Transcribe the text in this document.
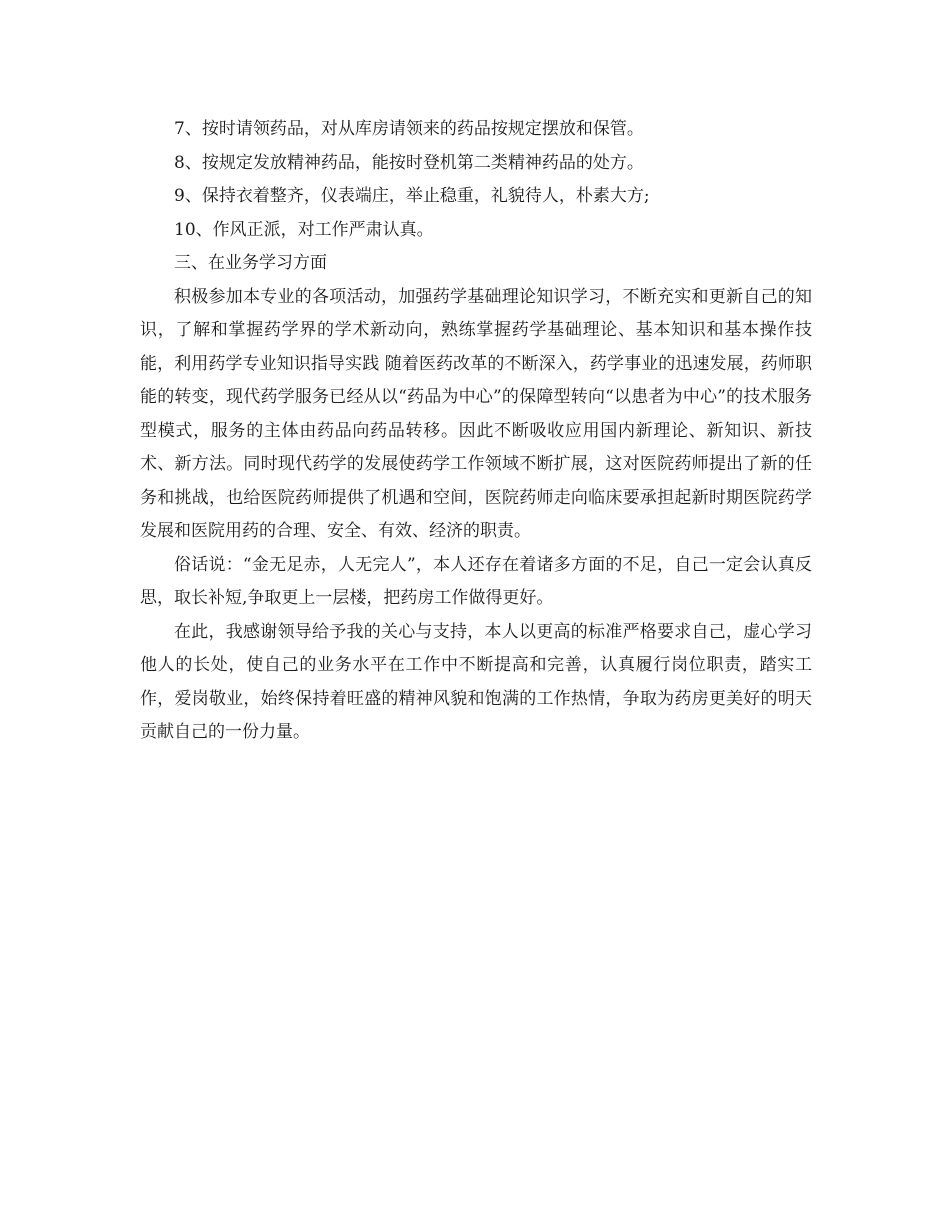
7、按时请领药品，对从库房请领来的药品按规定摆放和保管。

8、按规定发放精神药品，能按时登机第二类精神药品的处方。

9、保持衣着整齐，仪表端庄，举止稳重，礼貌待人，朴素大方;

10、作风正派，对工作严肃认真。

三、在业务学习方面

积极参加本专业的各项活动，加强药学基础理论知识学习，不断充实和更新自己的知识，了解和掌握药学界的学术新动向，熟练掌握药学基础理论、基本知识和基本操作技能，利用药学专业知识指导实践 随着医药改革的不断深入，药学事业的迅速发展，药师职能的转变，现代药学服务已经从以“药品为中心”的保障型转向“以患者为中心”的技术服务型模式，服务的主体由药品向药品转移。因此不断吸收应用国内新理论、新知识、新技术、新方法。同时现代药学的发展使药学工作领域不断扩展，这对医院药师提出了新的任务和挑战，也给医院药师提供了机遇和空间，医院药师走向临床要承担起新时期医院药学发展和医院用药的合理、安全、有效、经济的职责。

俗话说：“金无足赤，人无完人”，本人还存在着诸多方面的不足，自己一定会认真反思，取长补短,争取更上一层楼，把药房工作做得更好。

在此，我感谢领导给予我的关心与支持，本人以更高的标准严格要求自己，虚心学习他人的长处，使自己的业务水平在工作中不断提高和完善，认真履行岗位职责，踏实工作，爱岗敬业，始终保持着旺盛的精神风貌和饱满的工作热情，争取为药房更美好的明天贡献自己的一份力量。
